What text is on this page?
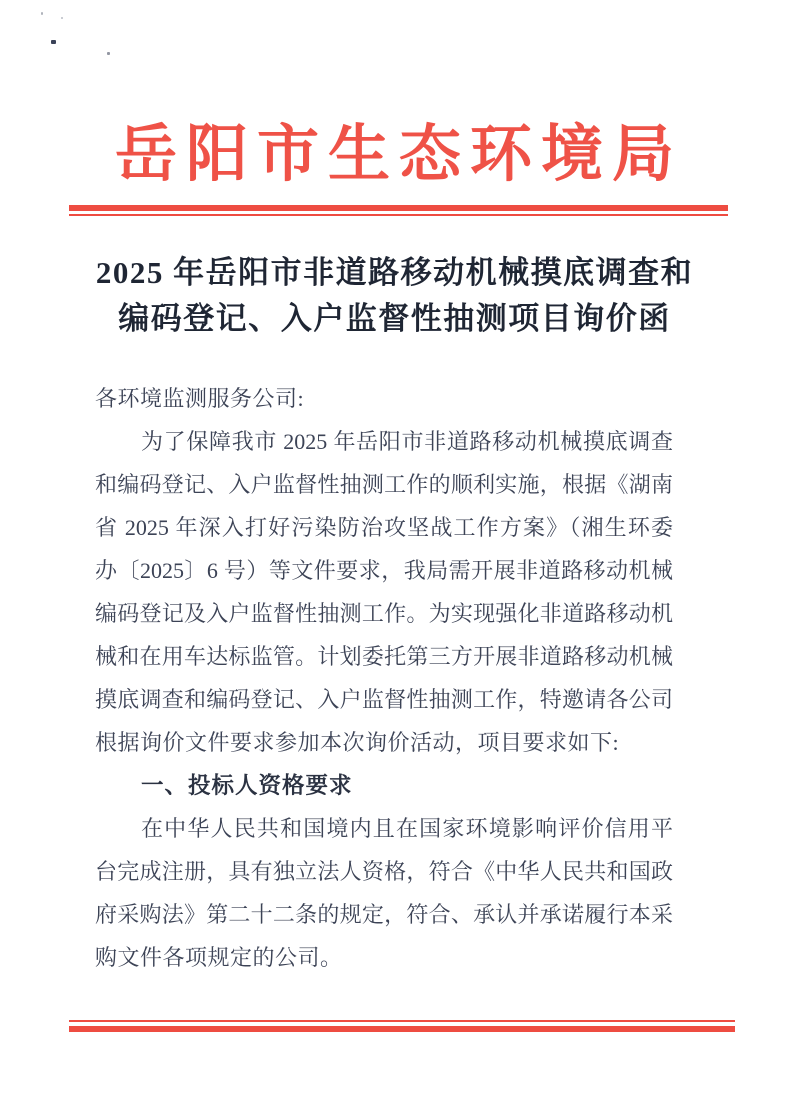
岳阳市生态环境局
2025 年岳阳市非道路移动机械摸底调查和
编码登记、入户监督性抽测项目询价函
各环境监测服务公司:
为了保障我市 2025 年岳阳市非道路移动机械摸底调查
和编码登记、入户监督性抽测工作的顺利实施，根据《湖南
省 2025 年深入打好污染防治攻坚战工作方案》（湘生环委
办〔2025〕6 号）等文件要求，我局需开展非道路移动机械
编码登记及入户监督性抽测工作。为实现强化非道路移动机
械和在用车达标监管。计划委托第三方开展非道路移动机械
摸底调查和编码登记、入户监督性抽测工作，特邀请各公司
根据询价文件要求参加本次询价活动，项目要求如下:
一、投标人资格要求
在中华人民共和国境内且在国家环境影响评价信用平
台完成注册，具有独立法人资格，符合《中华人民共和国政
府采购法》第二十二条的规定，符合、承认并承诺履行本采
购文件各项规定的公司。
